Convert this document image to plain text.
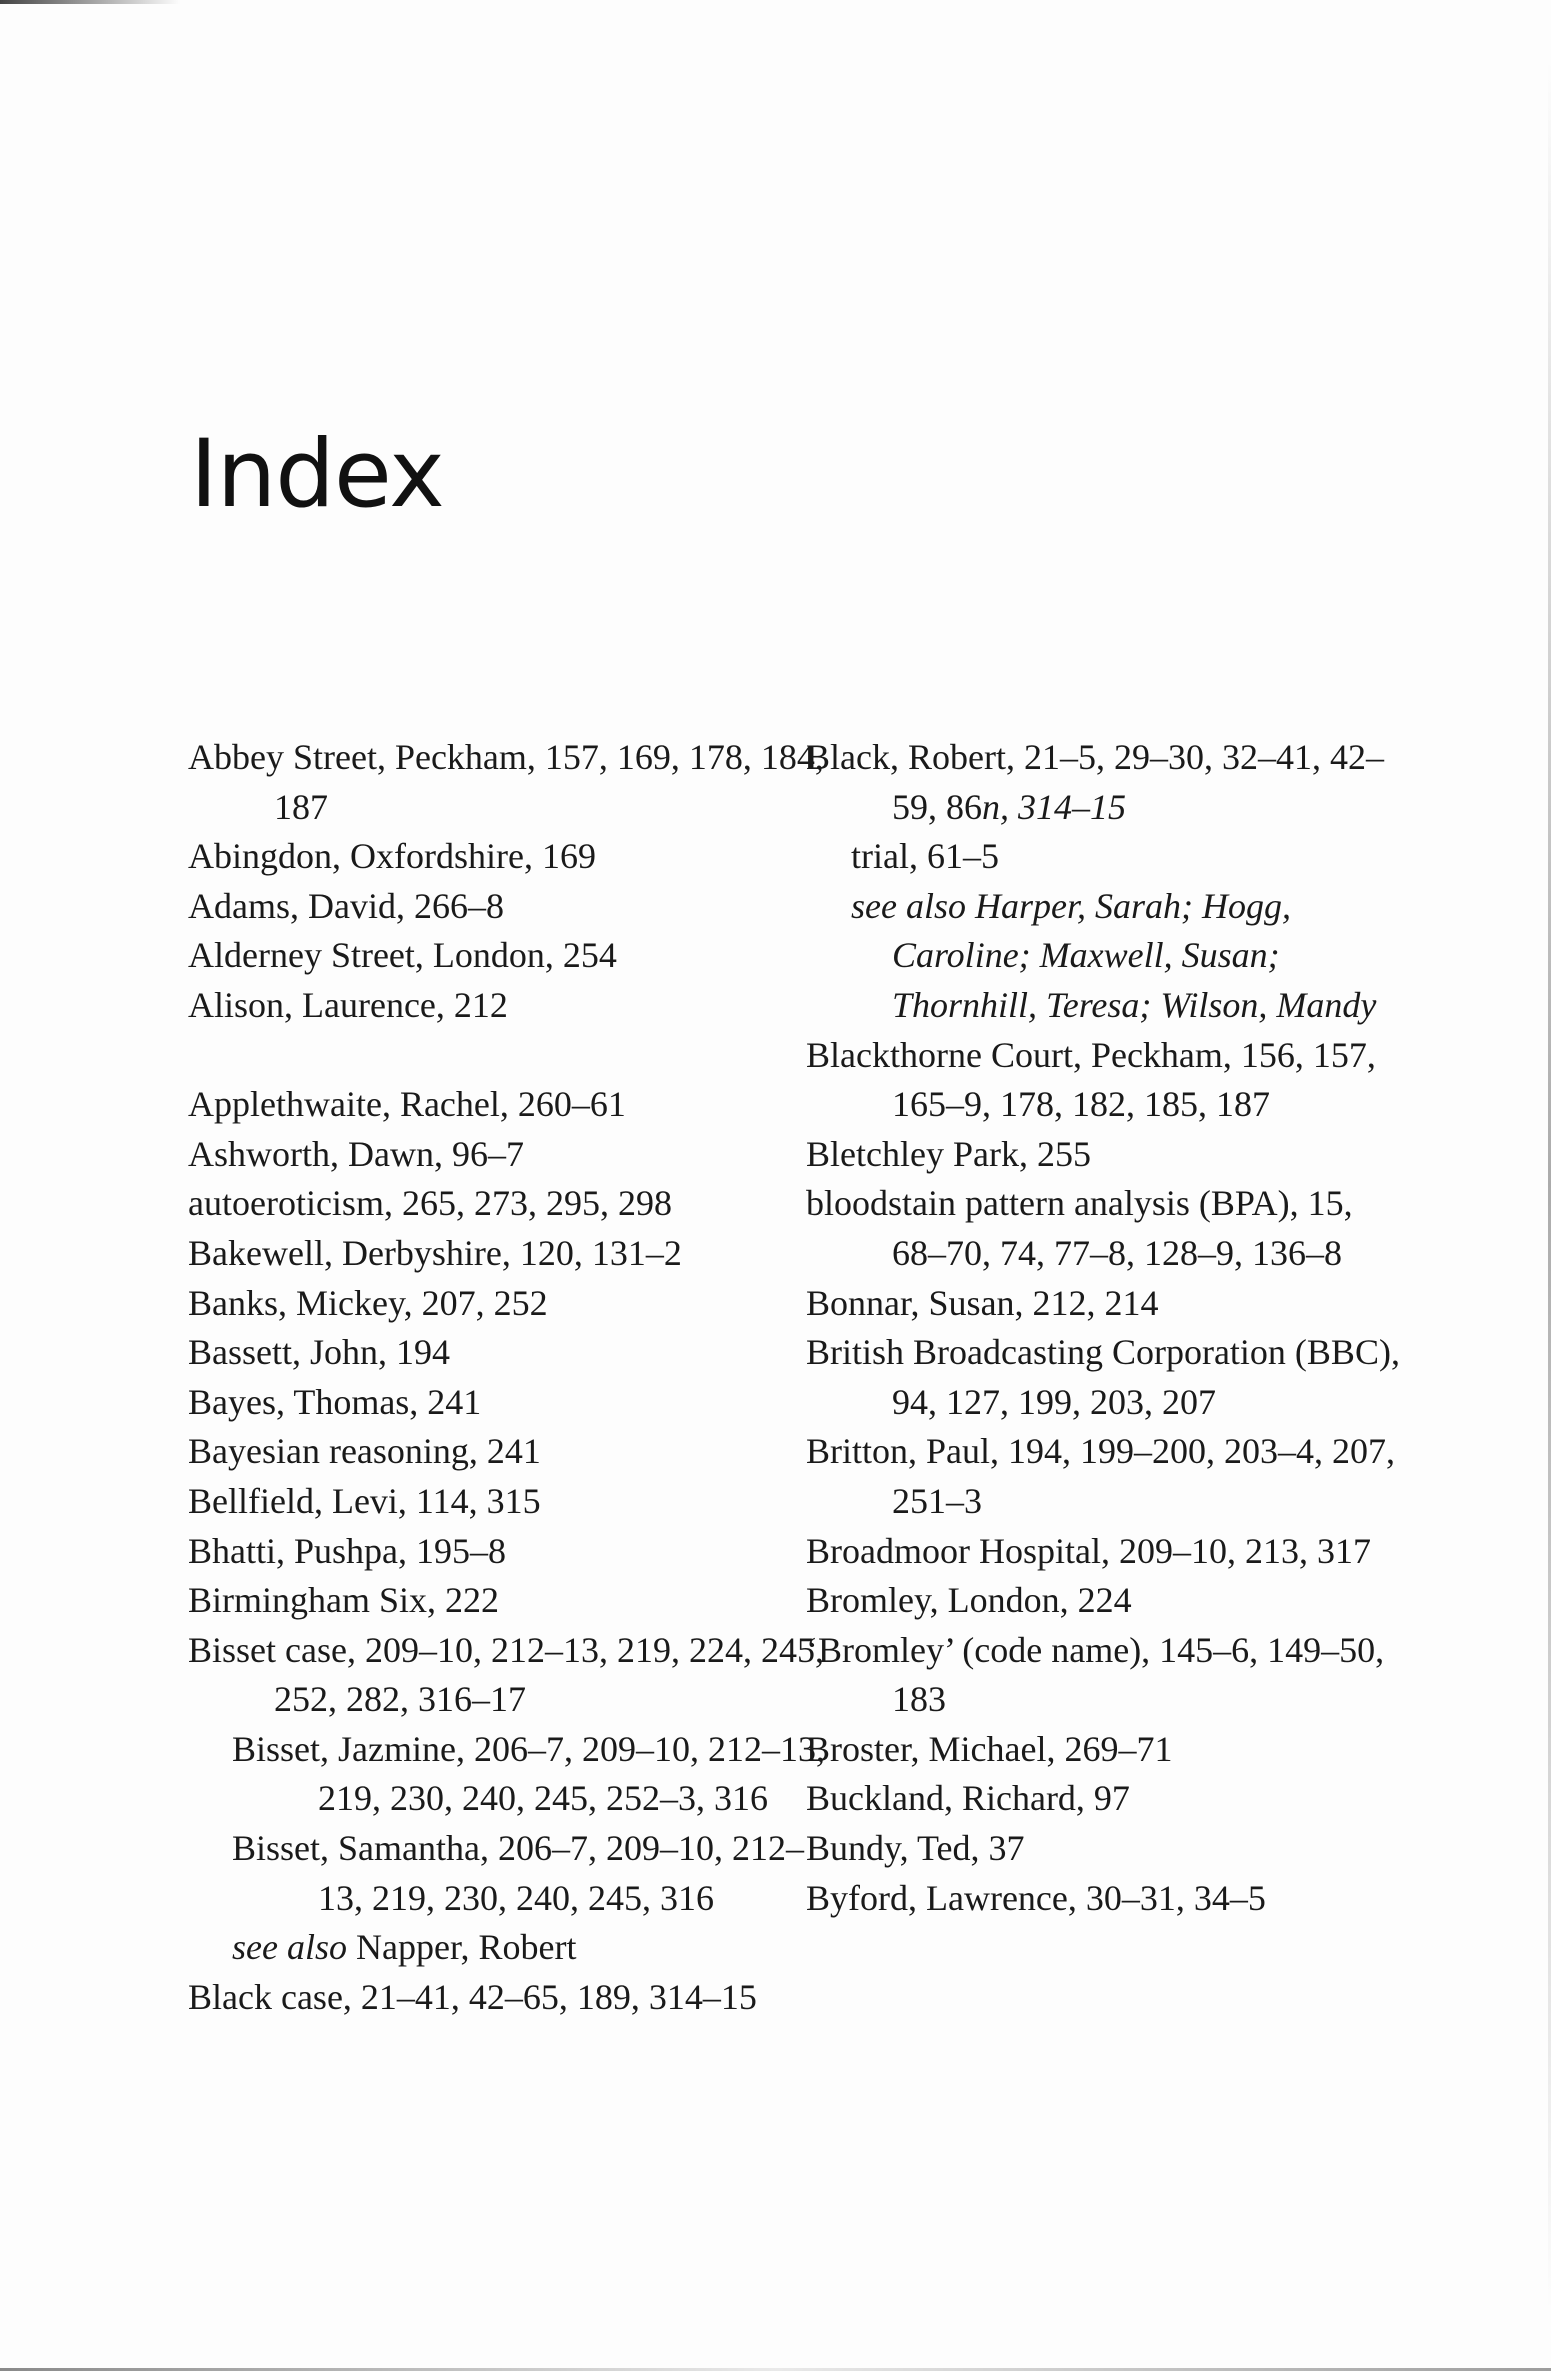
Index

Abbey Street, Peckham, 157, 169, 178, 184, 187

Abingdon, Oxfordshire, 169

Adams, David, 266–8

Alderney Street, London, 254

Alison, Laurence, 212

Applethwaite, Rachel, 260–61

Ashworth, Dawn, 96–7

autoeroticism, 265, 273, 295, 298

Bakewell, Derbyshire, 120, 131–2

Banks, Mickey, 207, 252

Bassett, John, 194

Bayes, Thomas, 241

Bayesian reasoning, 241

Bellfield, Levi, 114, 315

Bhatti, Pushpa, 195–8

Birmingham Six, 222

Bisset case, 209–10, 212–13, 219, 224, 245, 252, 282, 316–17

Bisset, Jazmine, 206–7, 209–10, 212–13, 219, 230, 240, 245, 252–3, 316

Bisset, Samantha, 206–7, 209–10, 212–13, 219, 230, 240, 245, 316

see also Napper, Robert

Black case, 21–41, 42–65, 189, 314–15

Black, Robert, 21–5, 29–30, 32–41, 42–59, 86n, 314–15

trial, 61–5

see also Harper, Sarah; Hogg, Caroline; Maxwell, Susan; Thornhill, Teresa; Wilson, Mandy

Blackthorne Court, Peckham, 156, 157, 165–9, 178, 182, 185, 187

Bletchley Park, 255

bloodstain pattern analysis (BPA), 15, 68–70, 74, 77–8, 128–9, 136–8

Bonnar, Susan, 212, 214

British Broadcasting Corporation (BBC), 94, 127, 199, 203, 207

Britton, Paul, 194, 199–200, 203–4, 207, 251–3

Broadmoor Hospital, 209–10, 213, 317

Bromley, London, 224

‘Bromley’ (code name), 145–6, 149–50, 183

Broster, Michael, 269–71

Buckland, Richard, 97

Bundy, Ted, 37

Byford, Lawrence, 30–31, 34–5
